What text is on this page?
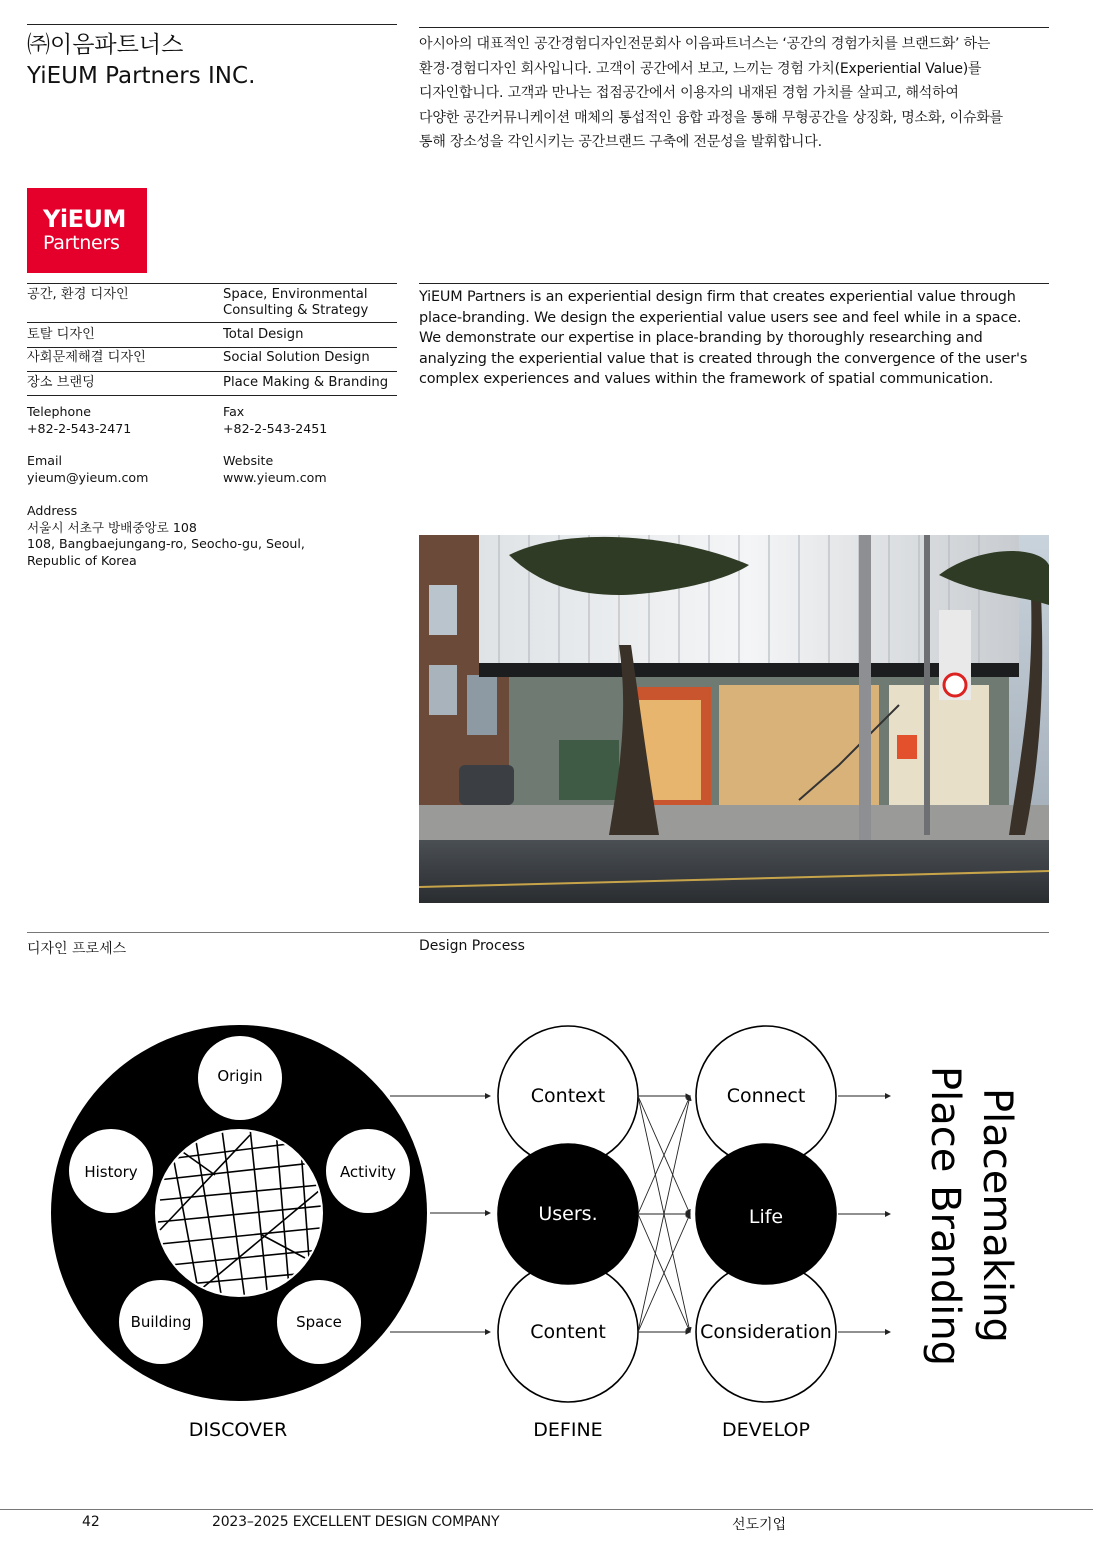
㈜이음파트너스
YiEUM Partners INC.
아시아의 대표적인 공간경험디자인전문회사 이음파트너스는 ‘공간의 경험가치를 브랜드화’ 하는
환경·경험디자인 회사입니다. 고객이 공간에서 보고, 느끼는 경험 가치(Experiential Value)를
디자인합니다. 고객과 만나는 접점공간에서 이용자의 내재된 경험 가치를 살피고, 해석하여
다양한 공간커뮤니케이션 매체의 통섭적인 융합 과정을 통해 무형공간을 상징화, 명소화, 이슈화를
통해 장소성을 각인시키는 공간브랜드 구축에 전문성을 발휘합니다.
YiEUM
Partners
공간, 환경 디자인	Space, Environmental
Consulting & Strategy
토탈 디자인	Total Design
사회문제해결 디자인	Social Solution Design
장소 브랜딩	Place Making & Branding
YiEUM Partners is an experiential design firm that creates experiential value through
place-branding. We design the experiential value users see and feel while in a space.
We demonstrate our expertise in place-branding by thoroughly researching and
analyzing the experiential value that is created through the convergence of the user's
complex experiences and values within the framework of spatial communication.
Telephone
+82-2-543-2471
Fax
+82-2-543-2451
Email
yieum@yieum.com
Website
www.yieum.com
Address
서울시 서초구 방배중앙로 108
108, Bangbaejungang-ro, Seocho-gu, Seoul,
Republic of Korea
디자인 프로세스	Design Process
Origin
History	Activity
Building	Space
Context
Users.
Content
Connect
Life
Consideration	Placemaking
Place Branding
DISCOVER	DEFINE	DEVELOP
42	2023–2025 EXCELLENT DESIGN COMPANY	선도기업
